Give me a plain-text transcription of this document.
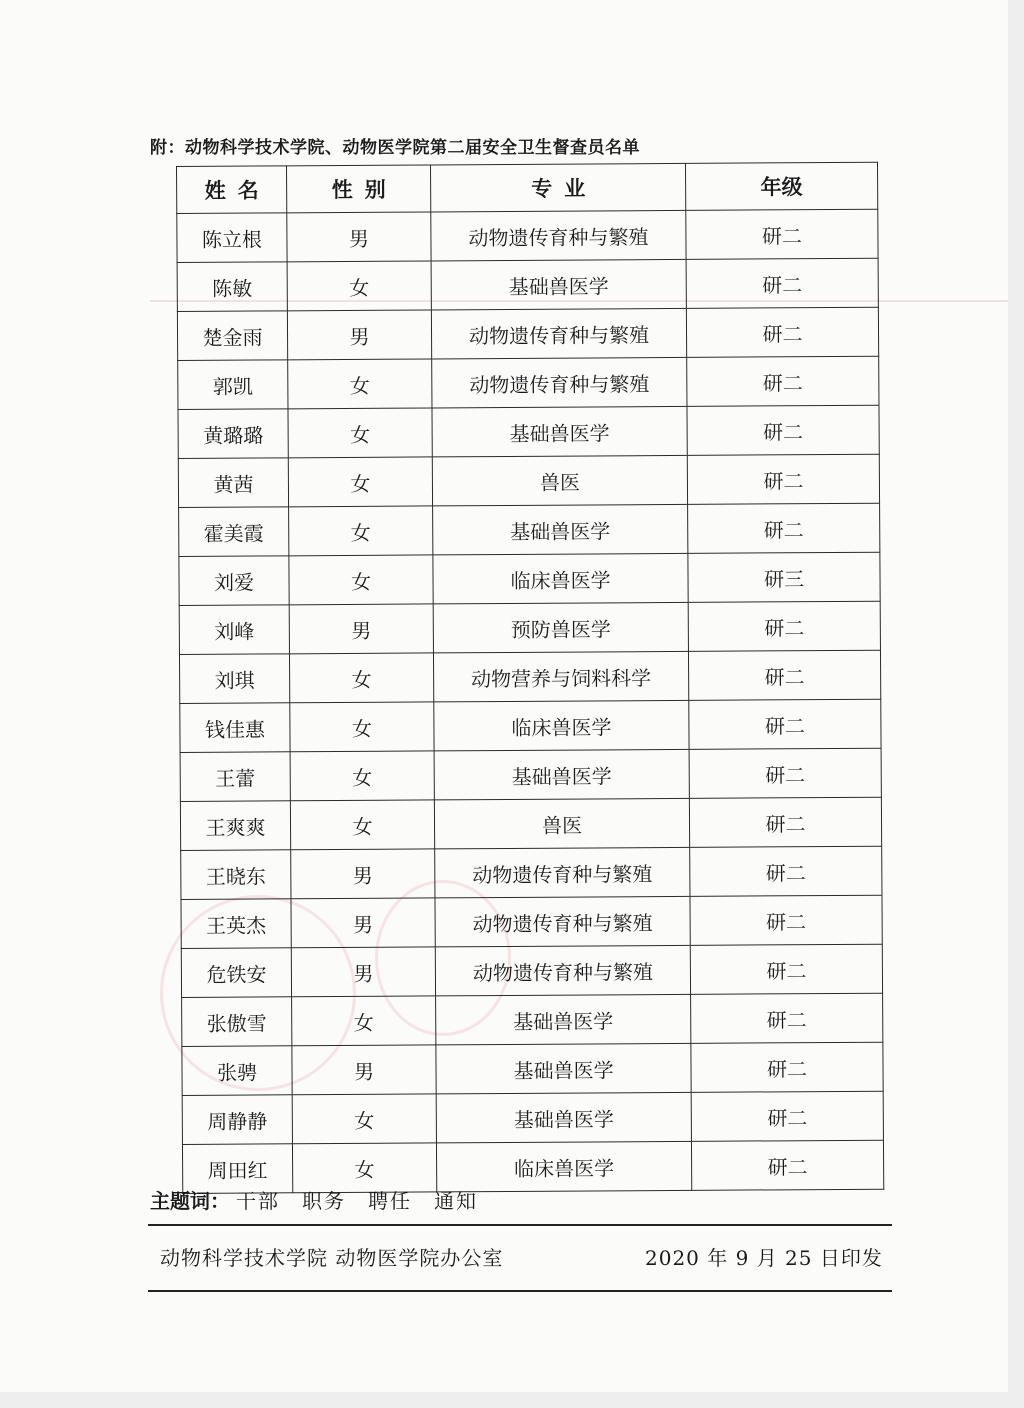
附：动物科学技术学院、动物医学院第二届安全卫生督查员名单
姓名	性别	专业	年级
陈立根	男	动物遗传育种与繁殖	研二
陈敏	女	基础兽医学	研二
楚金雨	男	动物遗传育种与繁殖	研二
郭凯	女	动物遗传育种与繁殖	研二
黄璐璐	女	基础兽医学	研二
黄茜	女	兽医	研二
霍美霞	女	基础兽医学	研二
刘爱	女	临床兽医学	研三
刘峰	男	预防兽医学	研二
刘琪	女	动物营养与饲料科学	研二
钱佳惠	女	临床兽医学	研二
王蕾	女	基础兽医学	研二
王爽爽	女	兽医	研二
王晓东	男	动物遗传育种与繁殖	研二
王英杰	男	动物遗传育种与繁殖	研二
危铁安	男	动物遗传育种与繁殖	研二
张傲雪	女	基础兽医学	研二
张骋	男	基础兽医学	研二
周静静	女	基础兽医学	研二
周田红	女	临床兽医学	研二
主题词： 干部 职务 聘任 通知
动物科学技术学院 动物医学院办公室	2020 年 9 月 25 日印发
